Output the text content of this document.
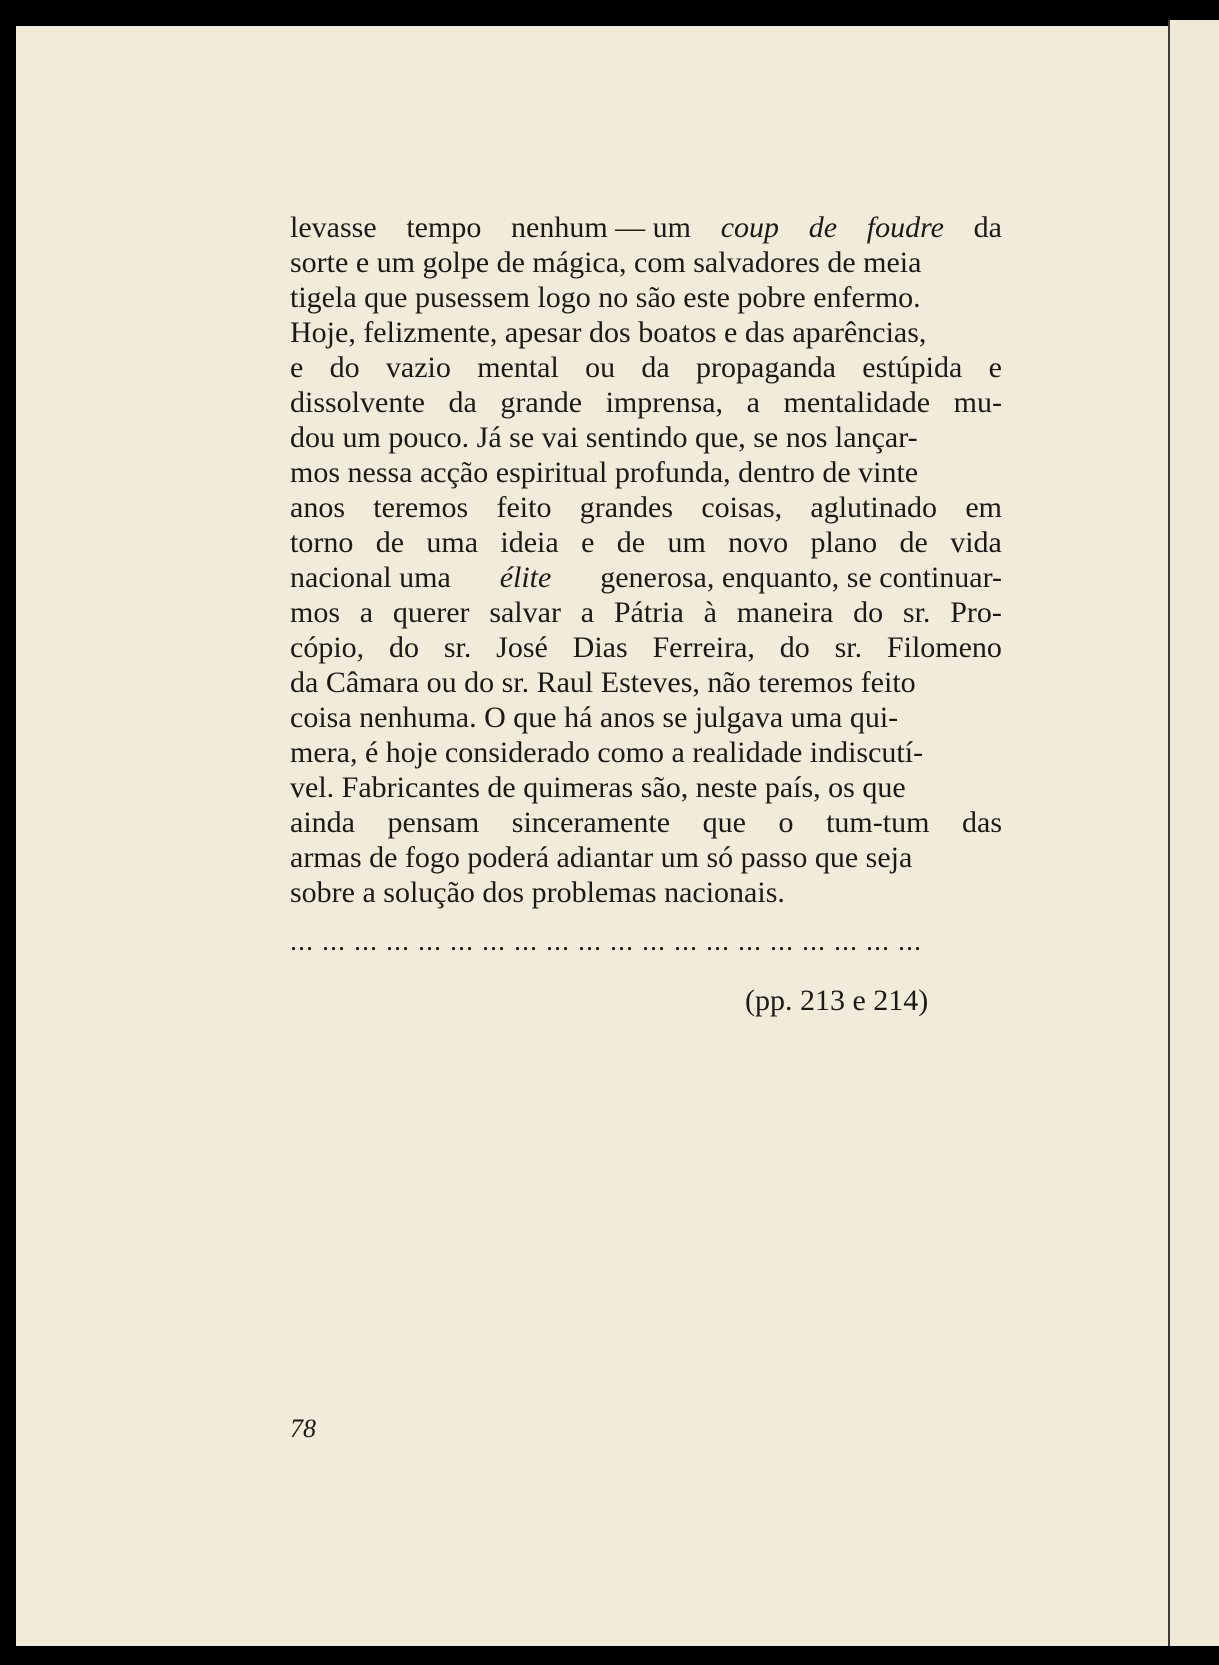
levasse tempo nenhum — um coup de foudre da
sorte e um golpe de mágica, com salvadores de meia
tigela que pusessem logo no são este pobre enfermo.
Hoje, felizmente, apesar dos boatos e das aparências,
e do vazio mental ou da propaganda estúpida e
dissolvente da grande imprensa, a mentalidade mu-
dou um pouco. Já se vai sentindo que, se nos lançar-
mos nessa acção espiritual profunda, dentro de vinte
anos teremos feito grandes coisas, aglutinado em
torno de uma ideia e de um novo plano de vida
nacional uma élite generosa, enquanto, se continuar-
mos a querer salvar a Pátria à maneira do sr. Pro-
cópio, do sr. José Dias Ferreira, do sr. Filomeno
da Câmara ou do sr. Raul Esteves, não teremos feito
coisa nenhuma. O que há anos se julgava uma qui-
mera, é hoje considerado como a realidade indiscutí-
vel. Fabricantes de quimeras são, neste país, os que
ainda pensam sinceramente que o tum-tum das
armas de fogo poderá adiantar um só passo que seja
sobre a solução dos problemas nacionais.
... ... ... ... ... ... ... ... ... ... ... ... ... ... ... ... ... ... ... ...
(pp. 213 e 214)
78
